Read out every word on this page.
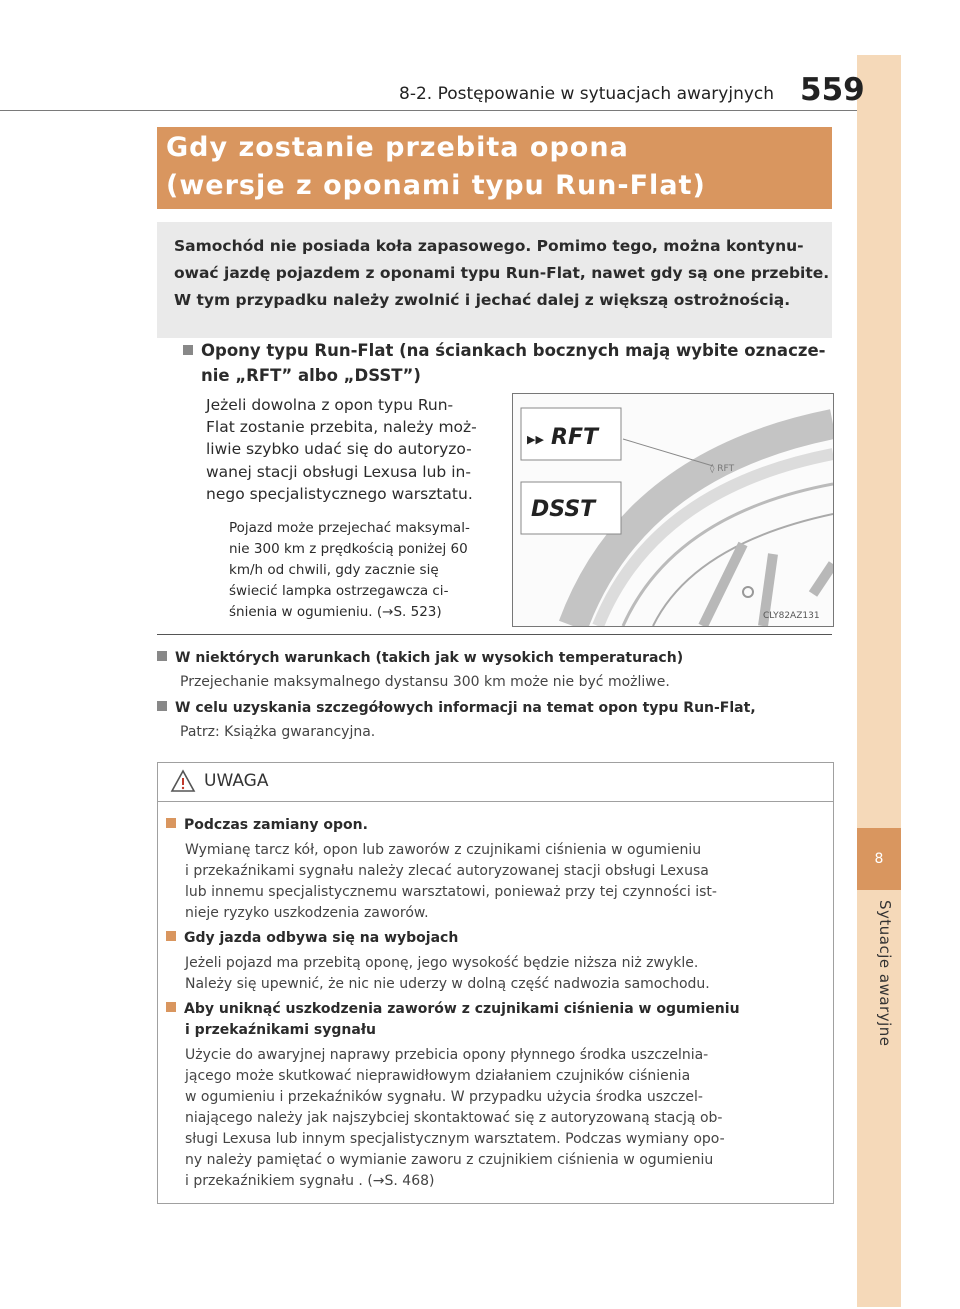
8
Sytuacje awaryjne
8-2. Postępowanie w sytuacjach awaryjnych 559
Gdy zostanie przebita opona
(wersje z oponami typu Run-Flat)
Samochód nie posiada koła zapasowego. Pomimo tego, można kontynu-
ować jazdę pojazdem z oponami typu Run-Flat, nawet gdy są one przebite.
W tym przypadku należy zwolnić i jechać dalej z większą ostrożnością.
Opony typu Run-Flat (na ściankach bocznych mają wybite oznacze-
nie „RFT” albo „DSST”)
Jeżeli dowolna z opon typu Run-
Flat zostanie przebita, należy moż-
liwie szybko udać się do autoryzo-
wanej stacji obsługi Lexusa lub in-
nego specjalistycznego warsztatu.
Pojazd może przejechać maksymal-
nie 300 km z prędkością poniżej 60
km/h od chwili, gdy zacznie się
świecić lampka ostrzegawcza ci-
śnienia w ogumieniu. (→S. 523)
◊ RFT
▶▶ RFT
DSST
CLY82AZ131
W niektórych warunkach (takich jak w wysokich temperaturach)
Przejechanie maksymalnego dystansu 300 km może nie być możliwe.
W celu uzyskania szczegółowych informacji na temat opon typu Run-Flat,
Patrz: Książka gwarancyjna.
UWAGA
Podczas zamiany opon.
Wymianę tarcz kół, opon lub zaworów z czujnikami ciśnienia w ogumieniu
i przekaźnikami sygnału należy zlecać autoryzowanej stacji obsługi Lexusa
lub innemu specjalistycznemu warsztatowi, ponieważ przy tej czynności ist-
nieje ryzyko uszkodzenia zaworów.
Gdy jazda odbywa się na wybojach
Jeżeli pojazd ma przebitą oponę, jego wysokość będzie niższa niż zwykle.
Należy się upewnić, że nic nie uderzy w dolną część nadwozia samochodu.
Aby uniknąć uszkodzenia zaworów z czujnikami ciśnienia w ogumieniu
i przekaźnikami sygnału
Użycie do awaryjnej naprawy przebicia opony płynnego środka uszczelnia-
jącego może skutkować nieprawidłowym działaniem czujników ciśnienia
w ogumieniu i przekaźników sygnału. W przypadku użycia środka uszczel-
niającego należy jak najszybciej skontaktować się z autoryzowaną stacją ob-
sługi Lexusa lub innym specjalistycznym warsztatem. Podczas wymiany opo-
ny należy pamiętać o wymianie zaworu z czujnikiem ciśnienia w ogumieniu
i przekaźnikiem sygnału . (→S. 468)
